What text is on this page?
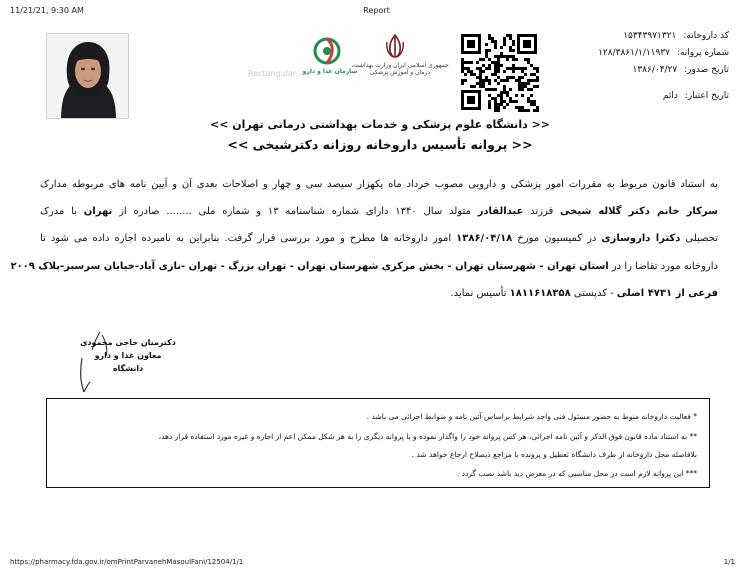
11/21/21, 9:30 AM	Report
Rectangular	سازمان غذا و دارو
جمهوری اسلامی ایران وزارت بهداشت، درمان و آموزش پزشکی
کد داروخانه: ۱۵۳۴۳۹۷۱۳۲۱
شماره پروانه: ۱۲۸/۳۸۶۱/۱/۱۱۹۳۷
تاریخ صدور: ۱۳۸۶/۰۴/۲۷
تاریخ اعتبار: دائم
<< دانشگاه علوم پزشکی و خدمات بهداشتی درمانی تهران >>
<< پروانه تأسیس داروخانه روزانه دکترشیخی >>
به استناد قانون مربوط به مقررات امور پزشکی و دارویی مصوب خرداد ماه یکهزار سیصد سی و چهار و اصلاحات بعدی آن و آیین نامه های مربوطه مدارک
سرکار خانم دکتر گلاله شیخی فرزند عبدالقادر متولد سال ۱۳۴۰ دارای شماره شناسنامه ۱۳ و شماره ملی ........ صادره از تهران با مدرک
تحصیلی دکترا داروسازی در کمیسیون مورخ ۱۳۸۶/۰۴/۱۸ امور داروخانه ها مطرح و مورد بررسی قرار گرفت. بنابراین به نامبرده اجازه داده می شود تا
داروخانه مورد تقاضا را در استان تهران - شهرستان تهران - بخش مرکزی شهرستان تهران - تهران بزرگ - تهران -نازی آباد-خیابان سرسبز-پلاک ۲۰۰۹
فرعی از ۴۷۳۱ اصلی - کدپستی ۱۸۱۱۶۱۸۳۵۸ تأسیس نماید.
دکترمنان حاجی محمودی
معاون غذا و دارو دانشگاه
* فعالیت داروخانه منوط به حضور مسئول فنی واجد شرایط براساس آئین نامه و ضوابط اجرائی می باشد .
** به استناد ماده قانون فوق الذکر و آئین نامه اجرائی، هر کس پروانه خود را واگذار نموده و یا پروانه دیگری را به هر شکل ممکن اعم از اجاره و غیره مورد استفاده قرار دهد،
بلافاصله محل داروخانه از طرف دانشگاه تعطیل و پرونده با مراجع ذیصلاح ارجاع خواهد شد .
*** این پروانه لازم است در محل مناسبی که در معرض دید باشد نصب گردد .
https://pharmacy.fda.gov.ir/omPrintParvanehMasoulFani/12504/1/1	1/1
